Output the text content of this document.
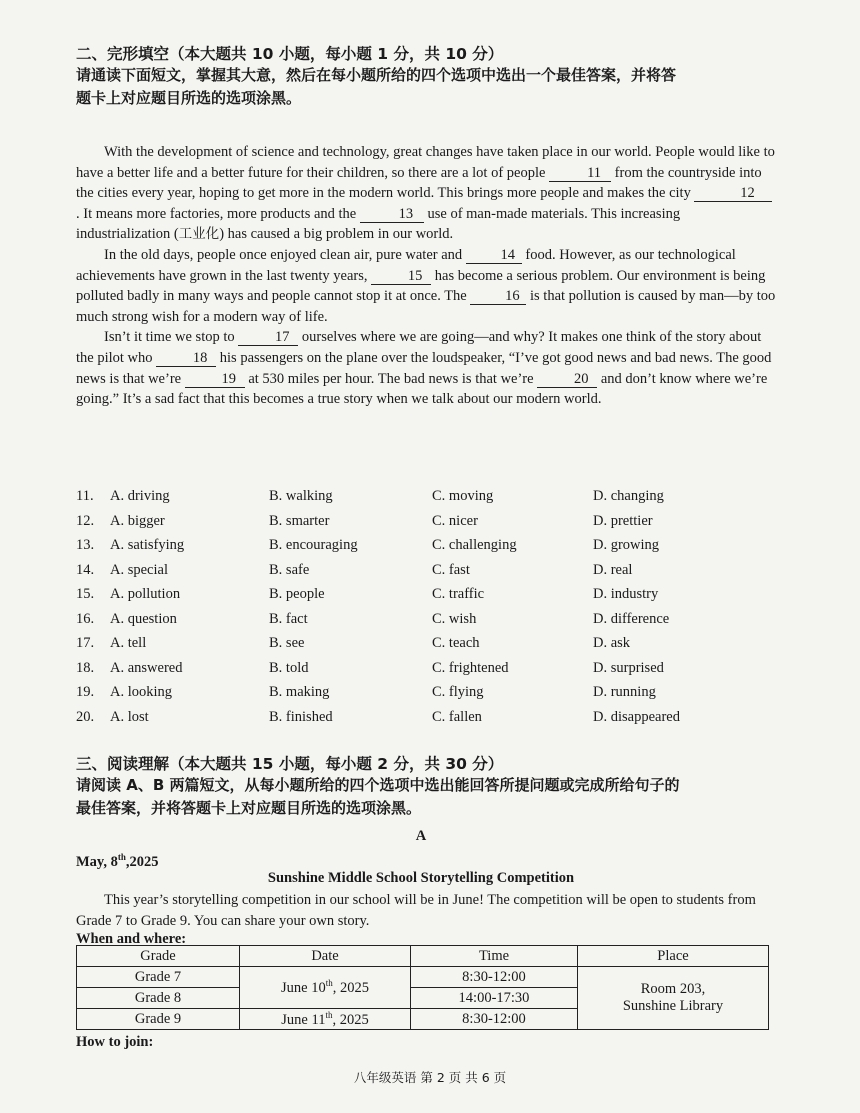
二、完形填空（本大题共 10 小题，每小题 1 分，共 10 分）
请通读下面短文，掌握其大意，然后在每小题所给的四个选项中选出一个最佳答案，并将答
题卡上对应题目所选的选项涂黑。

With the development of science and technology, great changes have taken place in our world. People would like to have a better life and a better future for their children, so there are a lot of people	11 from the countryside into the cities every year, hoping to get more in the modern world. This brings more people and makes the city	12. It means more factories, more products and the	13 use of man-made materials. This increasing industrialization (工业化) has caused a big problem in our world.

In the old days, people once enjoyed clean air, pure water and 14 food. However, as our technological achievements have grown in the last twenty years,	15 has become a serious problem. Our environment is being polluted badly in many ways and people cannot stop it at once. The 16 is that pollution is caused by man—by too much strong wish for a modern way of life.

Isn’t it time we stop to	17 ourselves where we are going—and why? It makes one think of the story about the pilot who	18 his passengers on the plane over the loudspeaker, “I’ve got good news and bad news. The good news is that we’re	19 at 530 miles per hour. The bad news is that we’re	20 and don’t know where we’re going.” It’s a sad fact that this becomes a true story when we talk about our modern world.

11. A. driving	B. walking	C. moving	D. changing
12. A. bigger	B. smarter	C. nicer	D. prettier
13. A. satisfying	B. encouraging	C. challenging	D. growing
14. A. special	B. safe	C. fast	D. real
15. A. pollution	B. people	C. traffic	D. industry
16. A. question	B. fact	C. wish	D. difference
17. A. tell	B. see	C. teach	D. ask
18. A. answered	B. told	C. frightened	D. surprised
19. A. looking	B. making	C. flying	D. running
20. A. lost	B. finished	C. fallen	D. disappeared
三、阅读理解（本大题共 15 小题，每小题 2 分，共 30 分）
请阅读 A、B 两篇短文，从每小题所给的四个选项中选出能回答所提问题或完成所给句子的
最佳答案，并将答题卡上对应题目所选的选项涂黑。
A
May, 8th,2025
Sunshine Middle School Storytelling Competition

This year’s storytelling competition in our school will be in June! The competition will be open to students from Grade 7 to Grade 9. You can share your own story.

When and where:
Grade	Date	Time	Place
Grade 7	June 10th, 2025	8:30-12:00	Room 203,
Sunshine Library

Grade 8		14:00-17:30	
Grade 9	June 11th, 2025	8:30-12:00	
How to join:
八年级英语 第 2 页 共 6 页
